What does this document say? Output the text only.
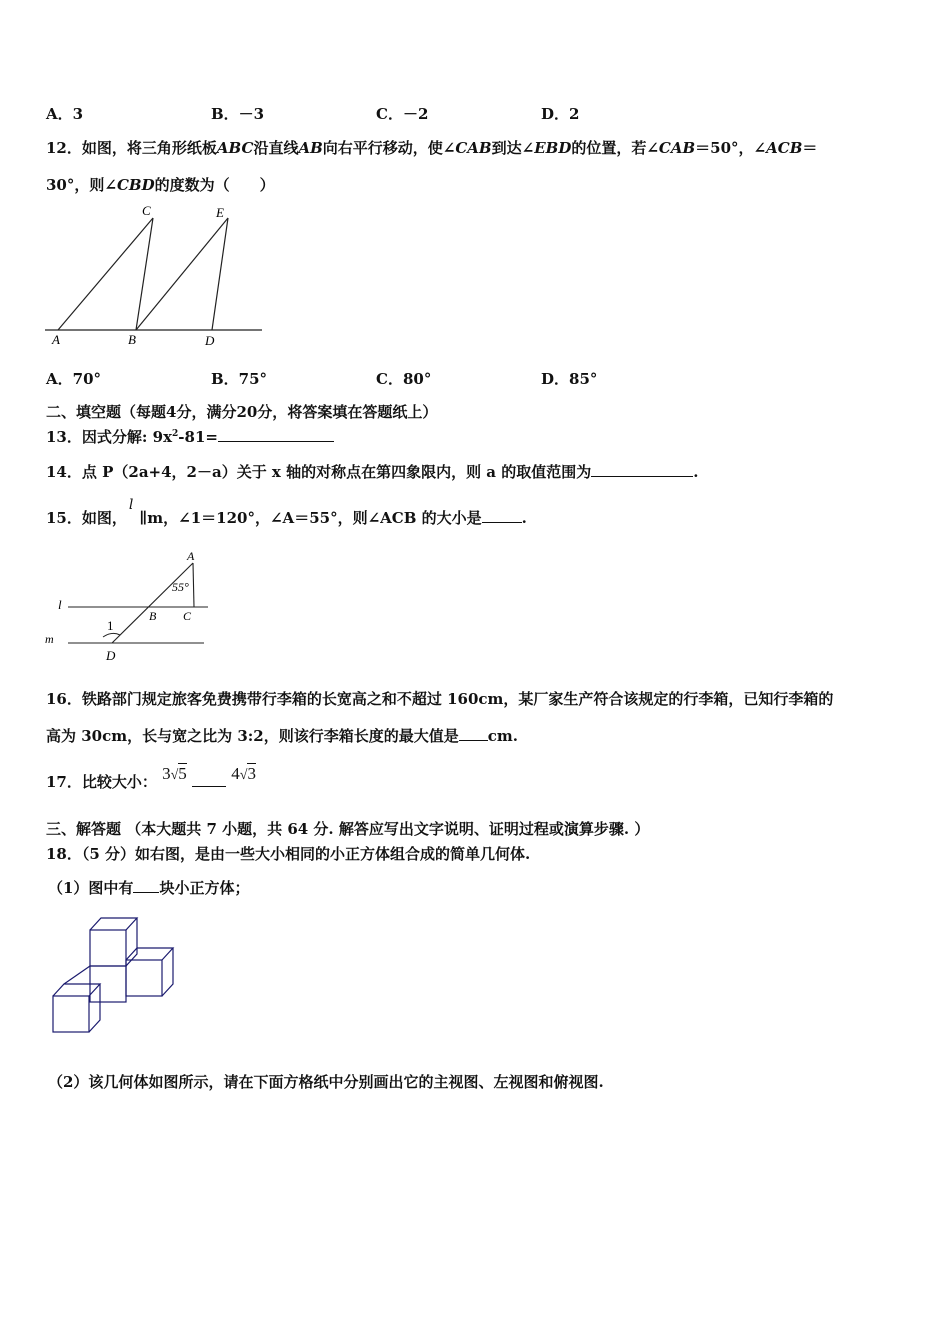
A．3	B．－3	C．－2	D．2
12．如图，将三角形纸板ABC沿直线AB向右平行移动，使∠CAB到达∠EBD的位置，若∠CAB＝50°，∠ACB＝
30°，则∠CBD的度数为（　　）
C	E
A	B	D
A．70°	B．75°	C．80°	D．85°
二、填空题（每题4分，满分20分，将答案填在答题纸上）
13．因式分解: $9x^2-81=$
14．点 P（2a+4，2－a）关于 x 轴的对称点在第四象限内，则 a 的取值范围为	.
15．如图，l∥m，∠1＝120°，∠A＝55°，则∠ACB 的大小是	.
A
55°
l
B C
1
m
D
16．铁路部门规定旅客免费携带行李箱的长宽高之和不超过 160cm，某厂家生产符合该规定的行李箱，已知行李箱的
高为 30cm，长与宽之比为 3:2，则该行李箱长度的最大值是 cm.
17．比较大小： 3√5	4√3
三、解答题 （本大题共 7 小题，共 64 分. 解答应写出文字说明、证明过程或演算步骤. ）
18．（5 分）如右图，是由一些大小相同的小正方体组合成的简单几何体.
（1）图中有 块小正方体；
（2）该几何体如图所示，请在下面方格纸中分别画出它的主视图、左视图和俯视图.
